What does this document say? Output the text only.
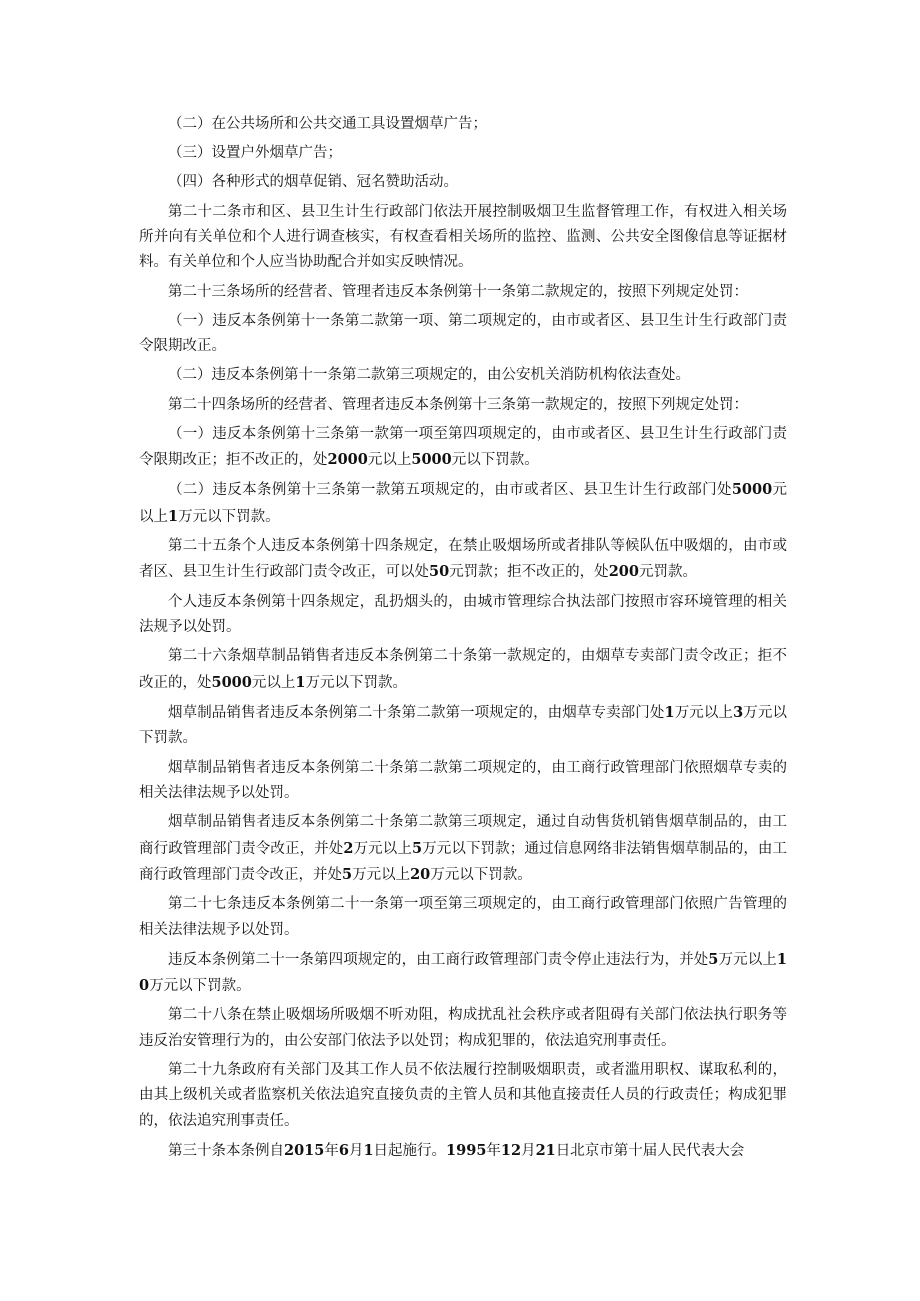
（二）在公共场所和公共交通工具设置烟草广告；

（三）设置户外烟草广告；

（四）各种形式的烟草促销、冠名赞助活动。

第二十二条市和区、县卫生计生行政部门依法开展控制吸烟卫生监督管理工作，有权进入相关场所并向有关单位和个人进行调查核实，有权查看相关场所的监控、监测、公共安全图像信息等证据材料。有关单位和个人应当协助配合并如实反映情况。

第二十三条场所的经营者、管理者违反本条例第十一条第二款规定的，按照下列规定处罚：

（一）违反本条例第十一条第二款第一项、第二项规定的，由市或者区、县卫生计生行政部门责令限期改正。

（二）违反本条例第十一条第二款第三项规定的，由公安机关消防机构依法查处。

第二十四条场所的经营者、管理者违反本条例第十三条第一款规定的，按照下列规定处罚：

（一）违反本条例第十三条第一款第一项至第四项规定的，由市或者区、县卫生计生行政部门责令限期改正；拒不改正的，处2000元以上5000元以下罚款。

（二）违反本条例第十三条第一款第五项规定的，由市或者区、县卫生计生行政部门处5000元以上1万元以下罚款。

第二十五条个人违反本条例第十四条规定，在禁止吸烟场所或者排队等候队伍中吸烟的，由市或者区、县卫生计生行政部门责令改正，可以处50元罚款；拒不改正的，处200元罚款。

个人违反本条例第十四条规定，乱扔烟头的，由城市管理综合执法部门按照市容环境管理的相关法规予以处罚。

第二十六条烟草制品销售者违反本条例第二十条第一款规定的，由烟草专卖部门责令改正；拒不改正的，处5000元以上1万元以下罚款。

烟草制品销售者违反本条例第二十条第二款第一项规定的，由烟草专卖部门处1万元以上3万元以下罚款。

烟草制品销售者违反本条例第二十条第二款第二项规定的，由工商行政管理部门依照烟草专卖的相关法律法规予以处罚。

烟草制品销售者违反本条例第二十条第二款第三项规定，通过自动售货机销售烟草制品的，由工商行政管理部门责令改正，并处2万元以上5万元以下罚款；通过信息网络非法销售烟草制品的，由工商行政管理部门责令改正，并处5万元以上20万元以下罚款。

第二十七条违反本条例第二十一条第一项至第三项规定的，由工商行政管理部门依照广告管理的相关法律法规予以处罚。

违反本条例第二十一条第四项规定的，由工商行政管理部门责令停止违法行为，并处5万元以上10万元以下罚款。

第二十八条在禁止吸烟场所吸烟不听劝阻，构成扰乱社会秩序或者阻碍有关部门依法执行职务等违反治安管理行为的，由公安部门依法予以处罚；构成犯罪的，依法追究刑事责任。

第二十九条政府有关部门及其工作人员不依法履行控制吸烟职责，或者滥用职权、谋取私利的，由其上级机关或者监察机关依法追究直接负责的主管人员和其他直接责任人员的行政责任；构成犯罪的，依法追究刑事责任。

第三十条本条例自2015年6月1日起施行。1995年12月21日北京市第十届人民代表大会
